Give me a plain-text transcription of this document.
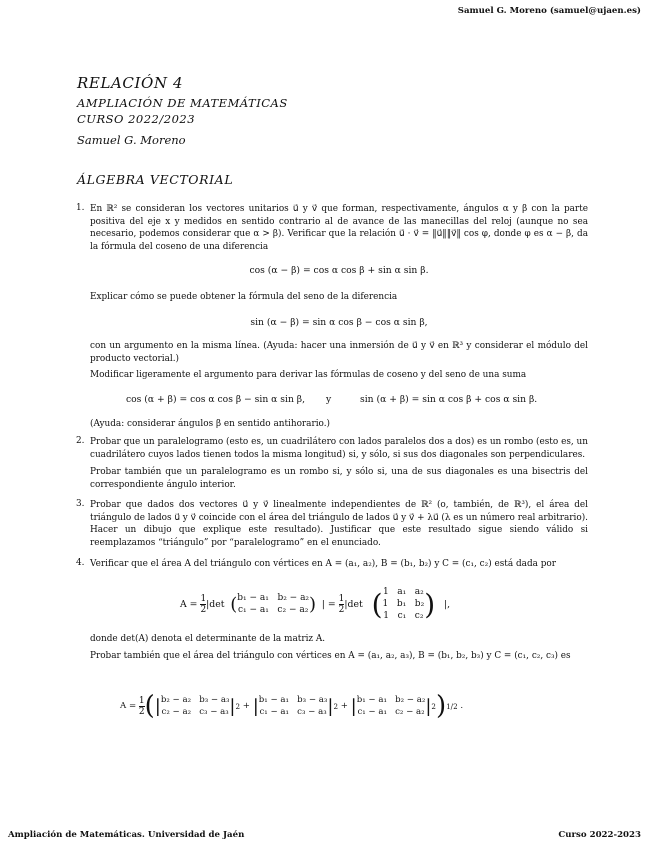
Samuel G. Moreno (samuel@ujaen.es)
RELACIÓN 4
AMPLIACIÓN DE MATEMÁTICAS
CURSO 2022/2023
Samuel G. Moreno
ÁLGEBRA VECTORIAL
1. En ℝ² se consideran los vectores unitarios u⃗ y v⃗ que forman, respectivamente, ángulos α y β con la parte positiva del eje x y medidos en sentido contrario al de avance de las manecillas del reloj (aunque no sea necesario, podemos considerar que α > β). Verificar que la relación u⃗ · v⃗ = ‖u⃗‖‖v⃗‖ cos φ, donde φ es α − β, da la fórmula del coseno de una diferencia
cos (α − β) = cos α cos β + sin α sin β.
Explicar cómo se puede obtener la fórmula del seno de la diferencia
sin (α − β) = sin α cos β − cos α sin β,
con un argumento en la misma línea. (Ayuda: hacer una inmersión de u⃗ y v⃗ en ℝ³ y considerar el módulo del producto vectorial.)
Modificar ligeramente el argumento para derivar las fórmulas de coseno y del seno de una suma
cos (α + β) = cos α cos β − sin α sin β, y	sin (α + β) = sin α cos β + cos α sin β.
(Ayuda: considerar ángulos β en sentido antihorario.)
2. Probar que un paralelogramo (esto es, un cuadrilátero con lados paralelos dos a dos) es un rombo (esto es, un cuadrilátero cuyos lados tienen todos la misma longitud) si, y sólo, si sus dos diagonales son perpendiculares.
Probar también que un paralelogramo es un rombo si, y sólo si, una de sus diagonales es una bisectris del correspondiente ángulo interior.
3. Probar que dados dos vectores u⃗ y v⃗ linealmente independientes de ℝ² (o, también, de ℝ³), el área del triángulo de lados u⃗ y v⃗ coincide con el área del triángulo de lados u⃗ y v⃗ + λu⃗ (λ es un número real arbitrario). Hacer un dibujo que explique este resultado). Justificar que este resultado sigue siendo válido si reemplazamos “triángulo” por “paralelogramo” en el enunciado.
4. Verificar que el área A del triángulo con vértices en A = (a₁, a₂), B = (b₁, b₂) y C = (c₁, c₂) está dada por
A =
$\frac{1}{2} |\det$ ( b₁ − a₁   b₂ − a₂
c₁ − a₁   c₂ − a₂ ) | =
$\frac{1}{2} |\det$ ( 1   a₁   a₂
1   b₁   b₂
1   c₁   c₂ ) |,
donde det(A) denota el determinante de la matriz A.
Probar también que el área del triángulo con vértices en A = (a₁, a₂, a₃), B = (b₁, b₂, b₃) y C = (c₁, c₂, c₃) es
A =
$\frac{1}{2}$ ( | b₂ − a₂   b₃ − a₃
c₂ − a₂   c₃ − a₃ | 2
+
| b₁ − a₁   b₃ − a₃
c₁ − a₁   c₃ − a₃ | 2
+
| b₁ − a₁   b₂ − a₂
c₁ − a₁   c₂ − a₂ | 2 ) 1/2
.
Ampliación de Matemáticas. Universidad de Jaén	Curso 2022-2023
